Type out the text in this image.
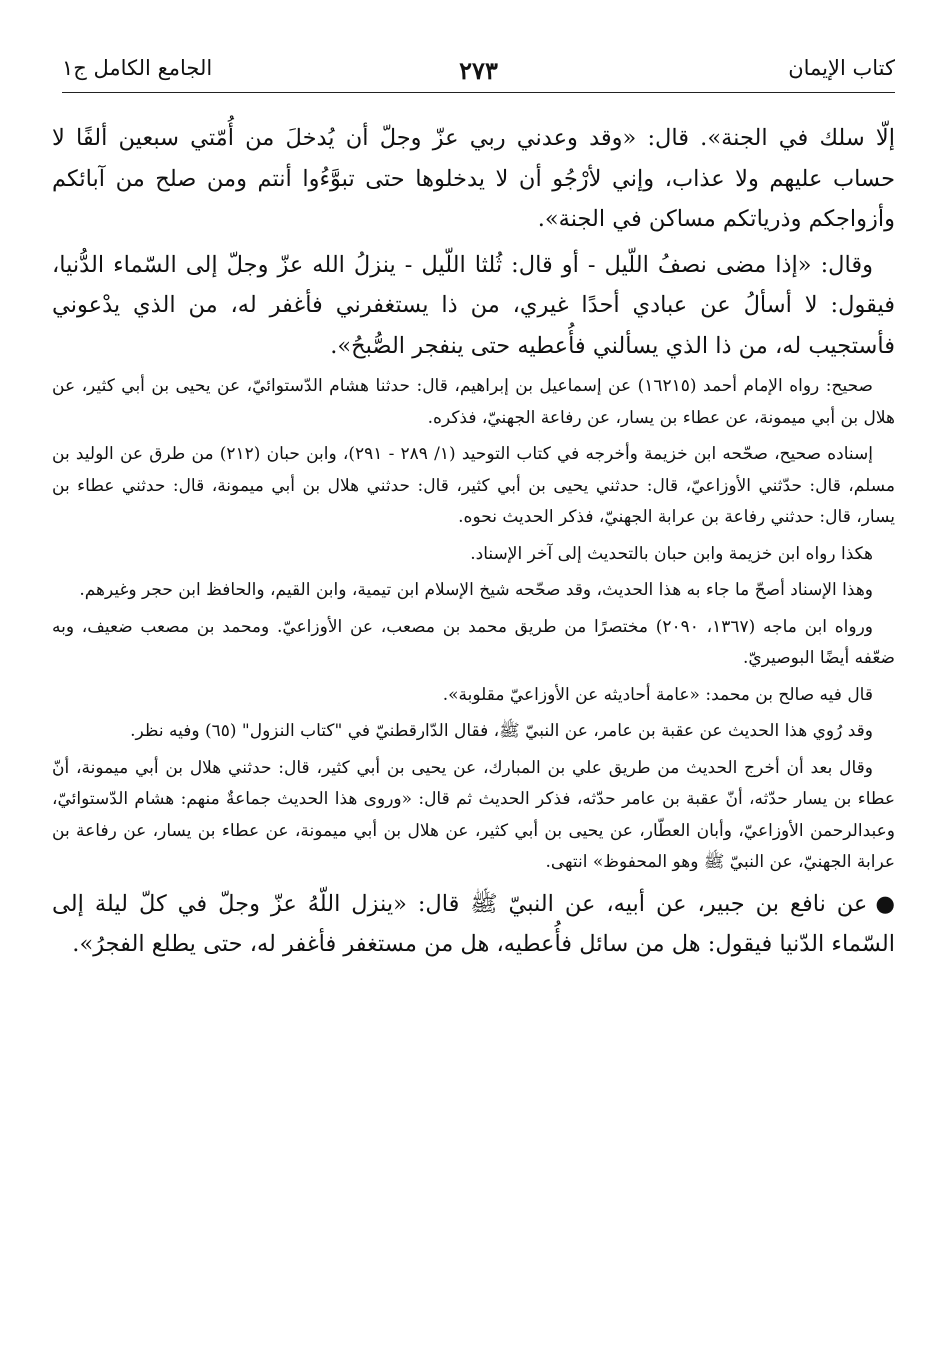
كتاب الإيمان
٢٧٣
الجامع الكامل ج١

إلّا سلك في الجنة». قال: «وقد وعدني ربي عزّ وجلّ أن يُدخلَ من أُمّتي سبعين ألفًا لا حساب عليهم ولا عذاب، وإني لأرْجُو أن لا يدخلوها حتى تبوَّءُوا أنتم ومن صلح من آبائكم وأزواجكم وذرياتكم مساكن في الجنة».

وقال: «إذا مضى نصفُ اللّيل - أو قال: ثُلثا اللّيل - ينزلُ الله عزّ وجلّ إلى السّماء الدُّنيا، فيقول: لا أسألُ عن عبادي أحدًا غيري، من ذا يستغفرني فأغفر له، من الذي يدْعوني فأستجيب له، من ذا الذي يسألني فأُعطيه حتى ينفجر الصُّبحُ».

صحيح: رواه الإمام أحمد (١٦٢١٥) عن إسماعيل بن إبراهيم، قال: حدثنا هشام الدّستوائيّ، عن يحيى بن أبي كثير، عن هلال بن أبي ميمونة، عن عطاء بن يسار، عن رفاعة الجهنيّ، فذكره.

إسناده صحيح، صحّحه ابن خزيمة وأخرجه في كتاب التوحيد (١/ ٢٨٩ - ٢٩١)، وابن حبان (٢١٢) من طرق عن الوليد بن مسلم، قال: حدّثني الأوزاعيّ، قال: حدثني يحيى بن أبي كثير، قال: حدثني هلال بن أبي ميمونة، قال: حدثني عطاء بن يسار، قال: حدثني رفاعة بن عرابة الجهنيّ، فذكر الحديث نحوه.

هكذا رواه ابن خزيمة وابن حبان بالتحديث إلى آخر الإسناد.

وهذا الإسناد أصحّ ما جاء به هذا الحديث، وقد صحّحه شيخ الإسلام ابن تيمية، وابن القيم، والحافظ ابن حجر وغيرهم.

ورواه ابن ماجه (١٣٦٧، ٢٠٩٠) مختصرًا من طريق محمد بن مصعب، عن الأوزاعيّ. ومحمد بن مصعب ضعيف، وبه ضعّفه أيضًا البوصيريّ.

قال فيه صالح بن محمد: «عامة أحاديثه عن الأوزاعيّ مقلوبة».

وقد رُوي هذا الحديث عن عقبة بن عامر، عن النبيّ ﷺ، فقال الدّارقطنيّ في "كتاب النزول" (٦٥) وفيه نظر.

وقال بعد أن أخرج الحديث من طريق علي بن المبارك، عن يحيى بن أبي كثير، قال: حدثني هلال بن أبي ميمونة، أنّ عطاء بن يسار حدّثه، أنّ عقبة بن عامر حدّثه، فذكر الحديث ثم قال: «وروى هذا الحديث جماعةٌ منهم: هشام الدّستوائيّ، وعبدالرحمن الأوزاعيّ، وأبان العطّار، عن يحيى بن أبي كثير، عن هلال بن أبي ميمونة، عن عطاء بن يسار، عن رفاعة بن عرابة الجهنيّ، عن النبيّ ﷺ وهو المحفوظ» انتهى.

●عن نافع بن جبير، عن أبيه، عن النبيّ ﷺ قال: «ينزل اللّهُ عزّ وجلّ في كلّ ليلة إلى السّماء الدّنيا فيقول: هل من سائل فأُعطيه، هل من مستغفر فأغفر له، حتى يطلع الفجرُ».
